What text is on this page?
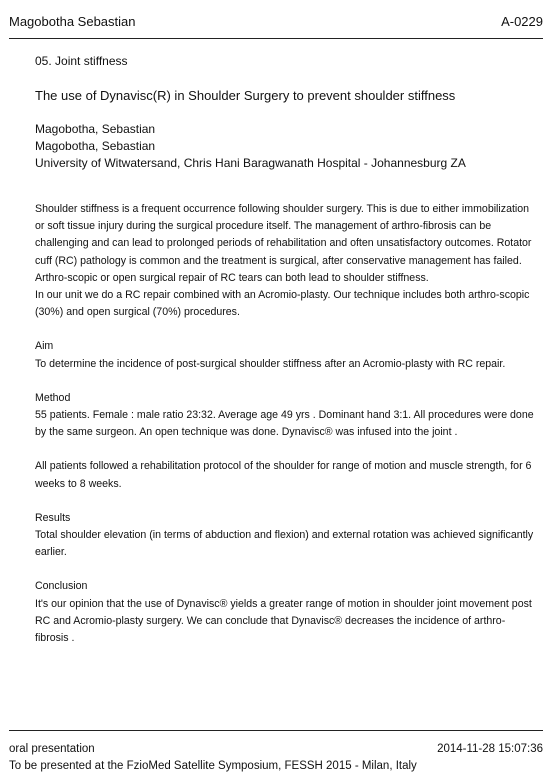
Magobotha Sebastian	A-0229

05. Joint stiffness

The use of Dynavisc(R) in Shoulder Surgery to prevent shoulder stiffness

Magobotha, Sebastian
Magobotha, Sebastian
University of Witwatersand, Chris Hani Baragwanath Hospital - Johannesburg ZA

Shoulder stiffness is a frequent occurrence following shoulder surgery. This is due to either immobilization or soft tissue injury during the surgical procedure itself. The management of arthro-fibrosis can be challenging and can lead to prolonged periods of rehabilitation and often unsatisfactory outcomes. Rotator cuff (RC) pathology is common and the treatment is surgical, after conservative management has failed. Arthro-scopic or open surgical repair of RC tears can both lead to shoulder stiffness.

In our unit we do a RC repair combined with an Acromio-plasty. Our technique includes both arthro-scopic (30%) and open surgical (70%) procedures.

Aim

To determine the incidence of post-surgical shoulder stiffness after an Acromio-plasty with RC repair.

Method

55 patients. Female : male ratio 23:32. Average age 49 yrs . Dominant hand 3:1. All procedures were done by the same surgeon. An open technique was done. Dynavisc® was infused into the joint .

All patients followed a rehabilitation protocol of the shoulder for range of motion and muscle strength, for 6 weeks to 8 weeks.

Results

Total shoulder elevation (in terms of abduction and flexion) and external rotation was achieved significantly earlier.

Conclusion

It's our opinion that the use of Dynavisc® yields a greater range of motion in shoulder joint movement post RC and Acromio-plasty surgery. We can conclude that Dynavisc® decreases the incidence of arthro-fibrosis .

oral presentation	2014-11-28 15:07:36
To be presented at the FzioMed Satellite Symposium, FESSH 2015 - Milan, Italy
